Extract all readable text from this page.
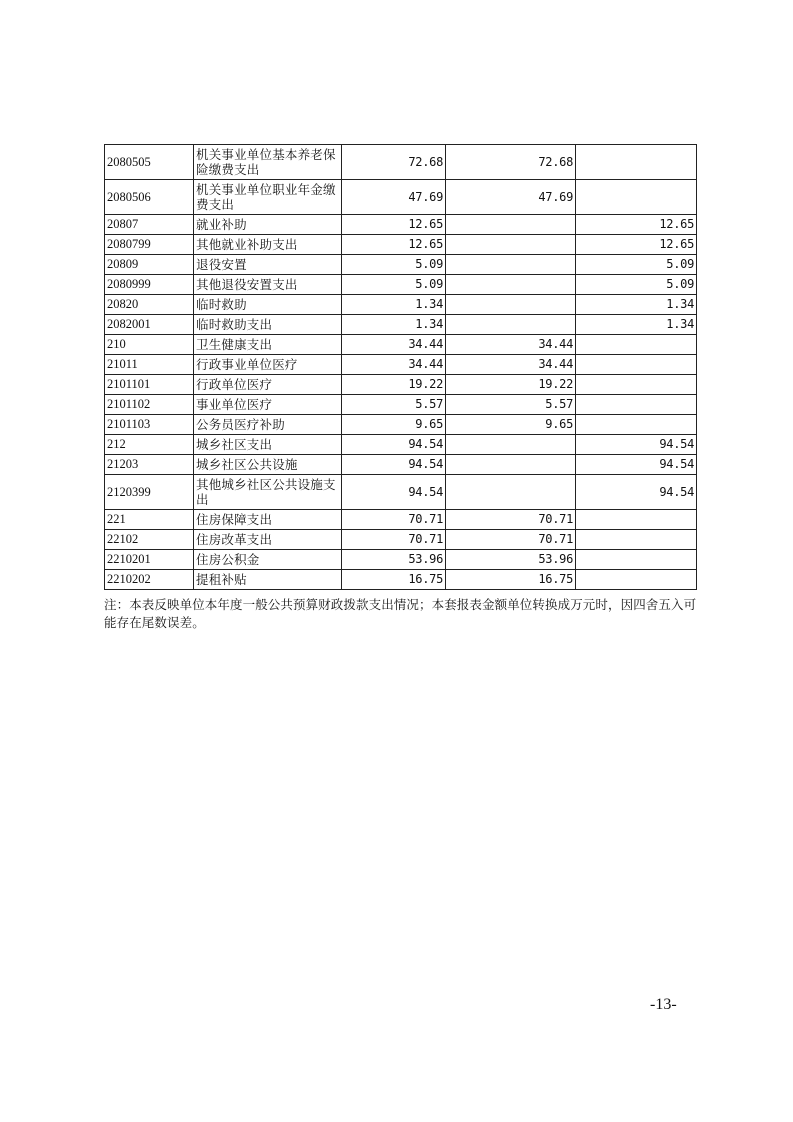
2080505	机关事业单位基本养老保险缴费支出	72.68	72.68	
2080506	机关事业单位职业年金缴费支出	47.69	47.69	
20807	就业补助	12.65		12.65
2080799	其他就业补助支出	12.65		12.65
20809	退役安置	5.09		5.09
2080999	其他退役安置支出	5.09		5.09
20820	临时救助	1.34		1.34
2082001	临时救助支出	1.34		1.34
210	卫生健康支出	34.44	34.44	
21011	行政事业单位医疗	34.44	34.44	
2101101	行政单位医疗	19.22	19.22	
2101102	事业单位医疗	5.57	5.57	
2101103	公务员医疗补助	9.65	9.65	
212	城乡社区支出	94.54		94.54
21203	城乡社区公共设施	94.54		94.54
2120399	其他城乡社区公共设施支出	94.54		94.54
221	住房保障支出	70.71	70.71	
22102	住房改革支出	70.71	70.71	
2210201	住房公积金	53.96	53.96	
2210202	提租补贴	16.75	16.75	
注：本表反映单位本年度一般公共预算财政拨款支出情况；本套报表金额单位转换成万元时，因四舍五入可能存在尾数误差。
-13-
